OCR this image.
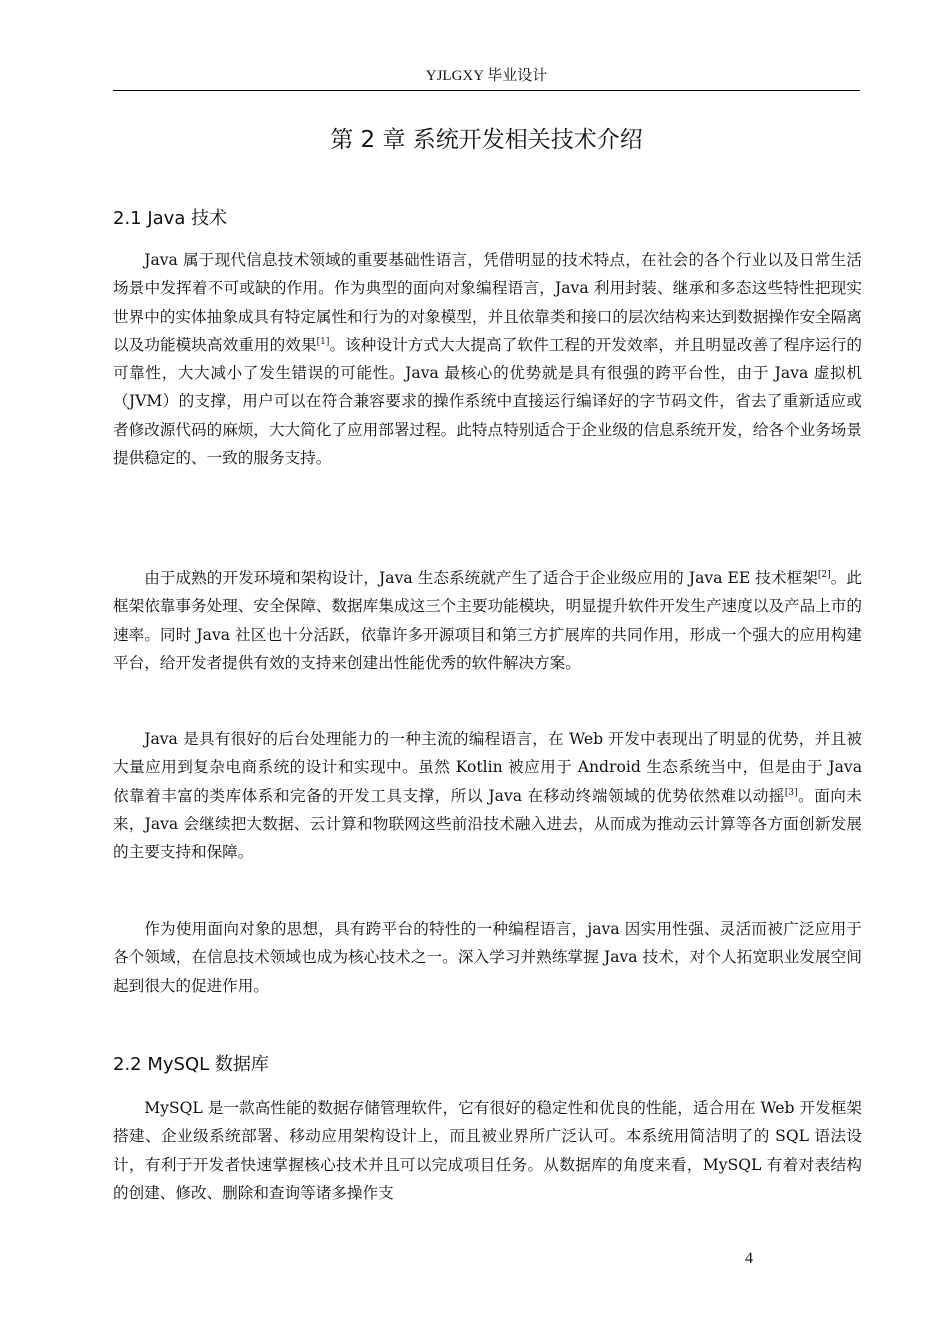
YJLGXY 毕业设计
第 2 章 系统开发相关技术介绍
2.1 Java 技术

Java 属于现代信息技术领域的重要基础性语言，凭借明显的技术特点，在社会的各个行业以及日常生活场景中发挥着不可或缺的作用。作为典型的面向对象编程语言，Java 利用封装、继承和多态这些特性把现实世界中的实体抽象成具有特定属性和行为的对象模型，并且依靠类和接口的层次结构来达到数据操作安全隔离以及功能模块高效重用的效果[1]。该种设计方式大大提高了软件工程的开发效率，并且明显改善了程序运行的可靠性，大大减小了发生错误的可能性。Java 最核心的优势就是具有很强的跨平台性，由于 Java 虚拟机（JVM）的支撑，用户可以在符合兼容要求的操作系统中直接运行编译好的字节码文件，省去了重新适应或者修改源代码的麻烦，大大简化了应用部署过程。此特点特别适合于企业级的信息系统开发，给各个业务场景提供稳定的、一致的服务支持。

由于成熟的开发环境和架构设计，Java 生态系统就产生了适合于企业级应用的 Java EE 技术框架[2]。此框架依靠事务处理、安全保障、数据库集成这三个主要功能模块，明显提升软件开发生产速度以及产品上市的速率。同时 Java 社区也十分活跃，依靠许多开源项目和第三方扩展库的共同作用，形成一个强大的应用构建平台，给开发者提供有效的支持来创建出性能优秀的软件解决方案。

Java 是具有很好的后台处理能力的一种主流的编程语言，在 Web 开发中表现出了明显的优势，并且被大量应用到复杂电商系统的设计和实现中。虽然 Kotlin 被应用于 Android 生态系统当中，但是由于 Java 依靠着丰富的类库体系和完备的开发工具支撑，所以 Java 在移动终端领域的优势依然难以动摇[3]。面向未来，Java 会继续把大数据、云计算和物联网这些前沿技术融入进去，从而成为推动云计算等各方面创新发展的主要支持和保障。

作为使用面向对象的思想，具有跨平台的特性的一种编程语言，java 因实用性强、灵活而被广泛应用于各个领域，在信息技术领域也成为核心技术之一。深入学习并熟练掌握 Java 技术，对个人拓宽职业发展空间起到很大的促进作用。

2.2 MySQL 数据库

MySQL 是一款高性能的数据存储管理软件，它有很好的稳定性和优良的性能，适合用在 Web 开发框架搭建、企业级系统部署、移动应用架构设计上，而且被业界所广泛认可。本系统用简洁明了的 SQL 语法设计，有利于开发者快速掌握核心技术并且可以完成项目任务。从数据库的角度来看，MySQL 有着对表结构的创建、修改、删除和查询等诸多操作支

4
